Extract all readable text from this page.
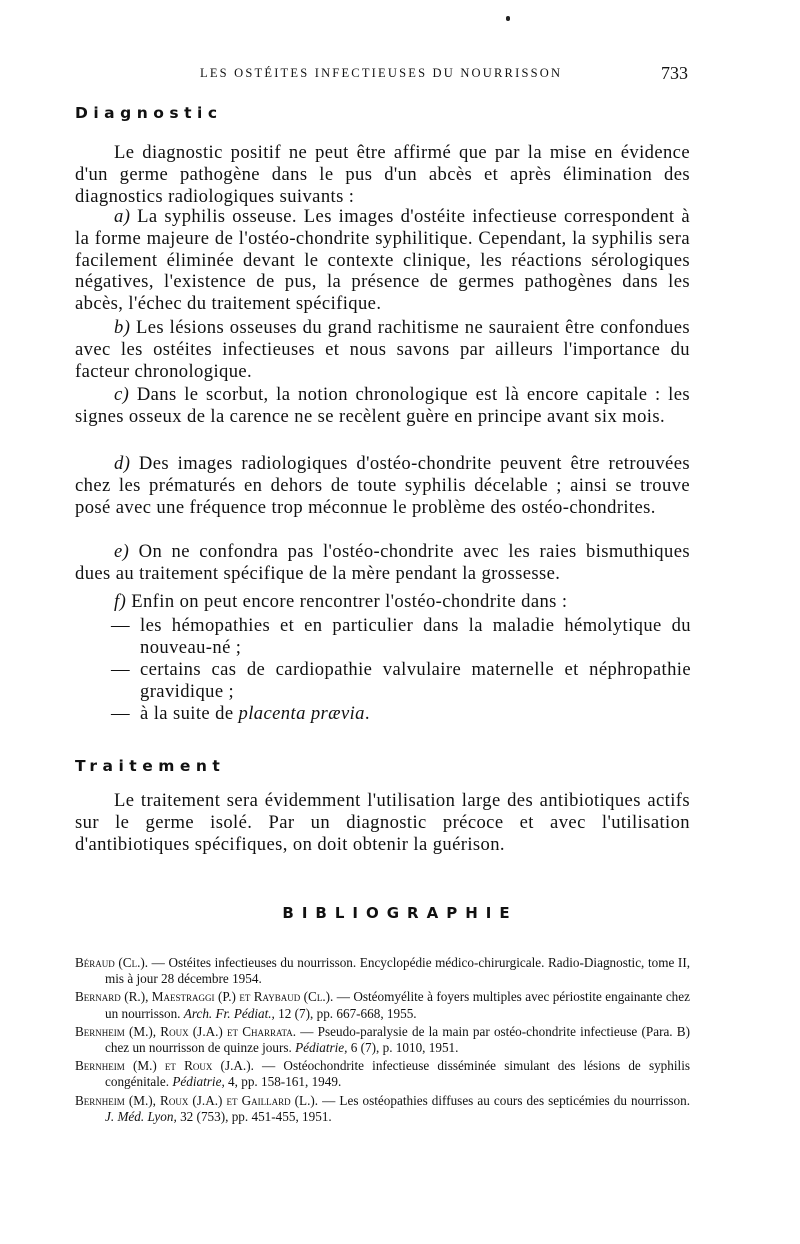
LES OSTÉITES INFECTIEUSES DU NOURRISSON	733
Diagnostic

Le diagnostic positif ne peut être affirmé que par la mise en évidence d'un germe pathogène dans le pus d'un abcès et après élimination des diagnostics radiologiques suivants :

a) La syphilis osseuse. Les images d'ostéite infectieuse correspondent à la forme majeure de l'ostéo-chondrite syphilitique. Cependant, la syphilis sera facilement éliminée devant le contexte clinique, les réactions sérologiques négatives, l'existence de pus, la présence de germes pathogènes dans les abcès, l'échec du traitement spécifique.

b) Les lésions osseuses du grand rachitisme ne sauraient être confondues avec les ostéites infectieuses et nous savons par ailleurs l'importance du facteur chronologique.

c) Dans le scorbut, la notion chronologique est là encore capitale : les signes osseux de la carence ne se recèlent guère en principe avant six mois.

d) Des images radiologiques d'ostéo-chondrite peuvent être retrouvées chez les prématurés en dehors de toute syphilis décelable ; ainsi se trouve posé avec une fréquence trop méconnue le problème des ostéo-chondrites.

e) On ne confondra pas l'ostéo-chondrite avec les raies bismuthiques dues au traitement spécifique de la mère pendant la grossesse.

f) Enfin on peut encore rencontrer l'ostéo-chondrite dans :

— les hémopathies et en particulier dans la maladie hémolytique du nouveau-né ;
— certains cas de cardiopathie valvulaire maternelle et néphropathie gravidique ;
— à la suite de placenta prævia.
Traitement

Le traitement sera évidemment l'utilisation large des antibiotiques actifs sur le germe isolé. Par un diagnostic précoce et avec l'utilisation d'antibiotiques spécifiques, on doit obtenir la guérison.

BIBLIOGRAPHIE

Béraud (Cl.). — Ostéites infectieuses du nourrisson. Encyclopédie médico-chirurgicale. Radio-Diagnostic, tome II, mis à jour 28 décembre 1954.

Bernard (R.), Maestraggi (P.) et Raybaud (Cl.). — Ostéomyélite à foyers multiples avec périostite engainante chez un nourrisson. Arch. Fr. Pédiat., 12 (7), pp. 667-668, 1955.

Bernheim (M.), Roux (J.A.) et Charrata. — Pseudo-paralysie de la main par ostéo-chondrite infectieuse (Para. B) chez un nourrisson de quinze jours. Pédiatrie, 6 (7), p. 1010, 1951.

Bernheim (M.) et Roux (J.A.). — Ostéochondrite infectieuse disséminée simulant des lésions de syphilis congénitale. Pédiatrie, 4, pp. 158-161, 1949.

Bernheim (M.), Roux (J.A.) et Gaillard (L.). — Les ostéopathies diffuses au cours des septicémies du nourrisson. J. Méd. Lyon, 32 (753), pp. 451-455, 1951.
